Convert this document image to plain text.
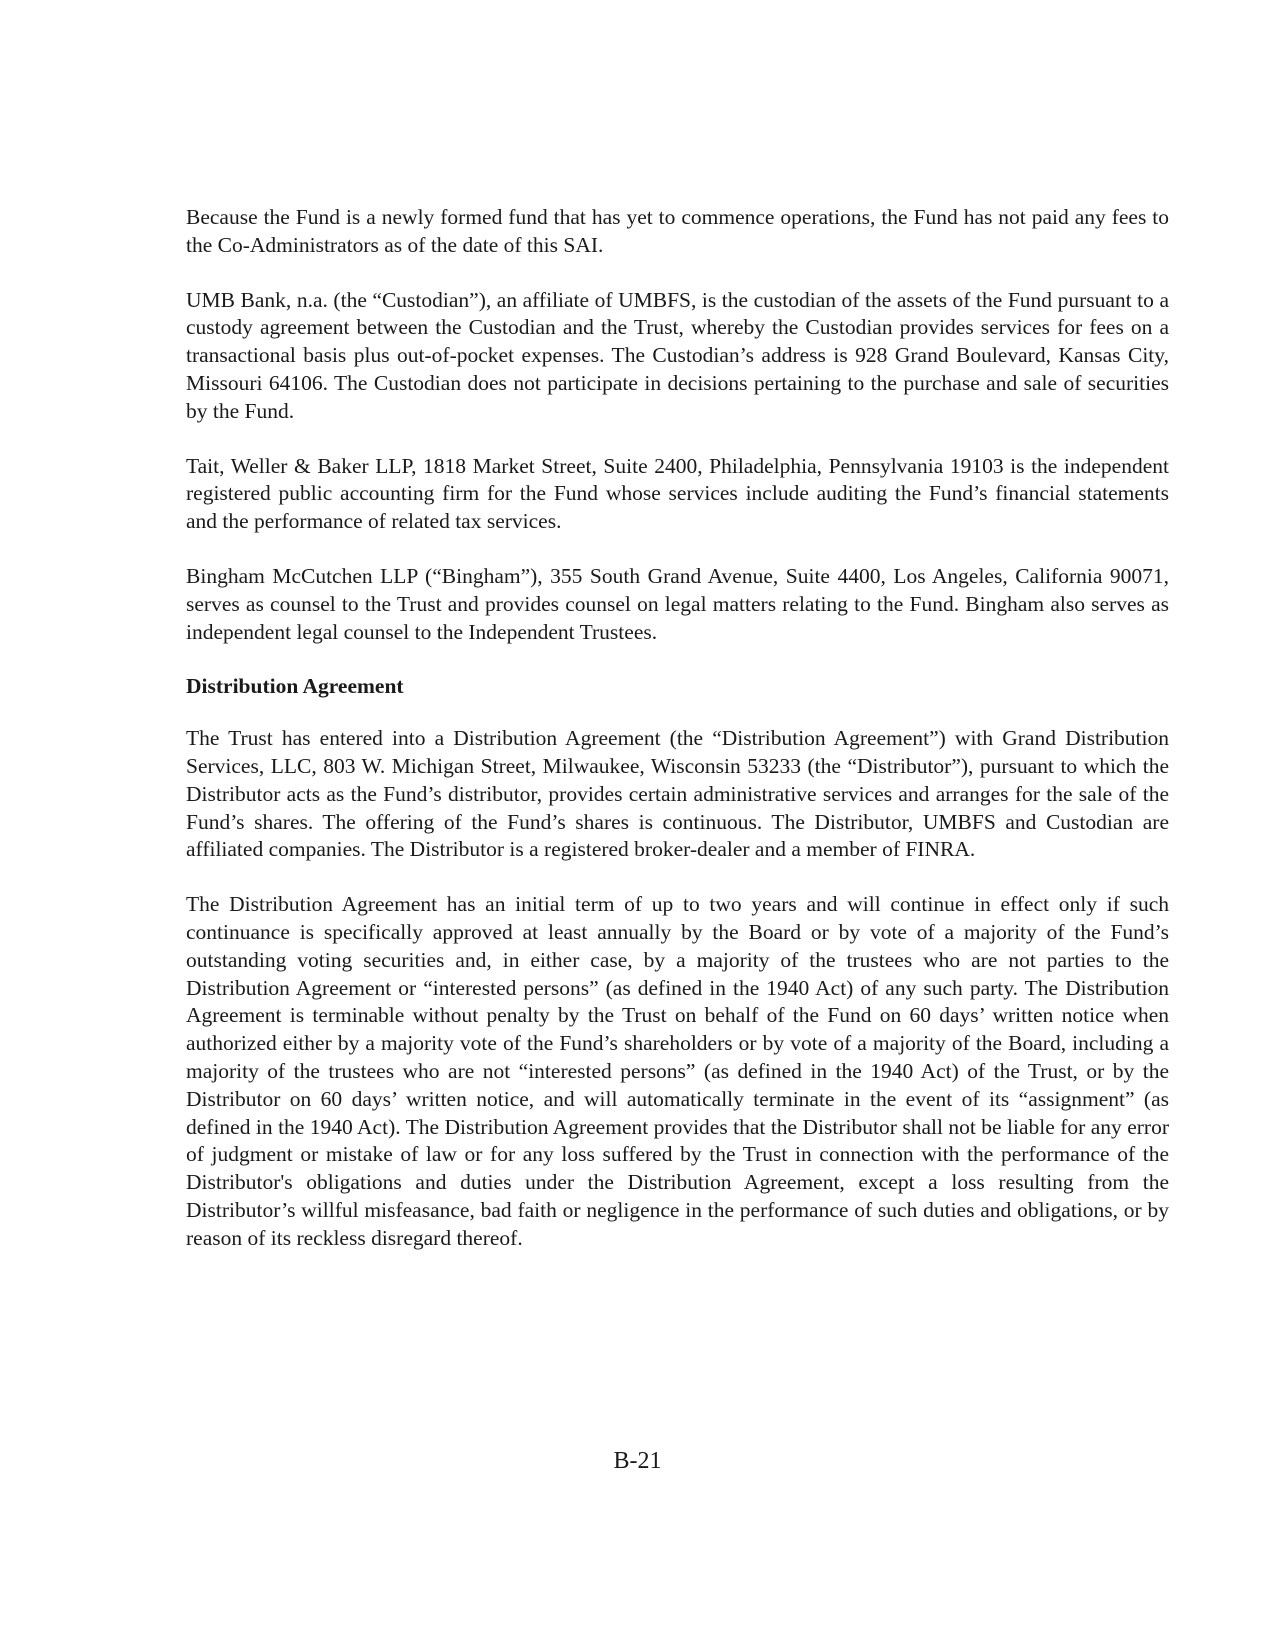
Because the Fund is a newly formed fund that has yet to commence operations, the Fund has not paid any fees to the Co-Administrators as of the date of this SAI.

UMB Bank, n.a. (the “Custodian”), an affiliate of UMBFS, is the custodian of the assets of the Fund pursuant to a custody agreement between the Custodian and the Trust, whereby the Custodian provides services for fees on a transactional basis plus out-of-pocket expenses. The Custodian’s address is 928 Grand Boulevard, Kansas City, Missouri 64106. The Custodian does not participate in decisions pertaining to the purchase and sale of securities by the Fund.

Tait, Weller & Baker LLP, 1818 Market Street, Suite 2400, Philadelphia, Pennsylvania 19103 is the independent registered public accounting firm for the Fund whose services include auditing the Fund’s financial statements and the performance of related tax services.

Bingham McCutchen LLP (“Bingham”), 355 South Grand Avenue, Suite 4400, Los Angeles, California 90071, serves as counsel to the Trust and provides counsel on legal matters relating to the Fund. Bingham also serves as independent legal counsel to the Independent Trustees.

Distribution Agreement

The Trust has entered into a Distribution Agreement (the “Distribution Agreement”) with Grand Distribution Services, LLC, 803 W. Michigan Street, Milwaukee, Wisconsin 53233 (the “Distributor”), pursuant to which the Distributor acts as the Fund’s distributor, provides certain administrative services and arranges for the sale of the Fund’s shares. The offering of the Fund’s shares is continuous. The Distributor, UMBFS and Custodian are affiliated companies. The Distributor is a registered broker-dealer and a member of FINRA.

The Distribution Agreement has an initial term of up to two years and will continue in effect only if such continuance is specifically approved at least annually by the Board or by vote of a majority of the Fund’s outstanding voting securities and, in either case, by a majority of the trustees who are not parties to the Distribution Agreement or “interested persons” (as defined in the 1940 Act) of any such party. The Distribution Agreement is terminable without penalty by the Trust on behalf of the Fund on 60 days’ written notice when authorized either by a majority vote of the Fund’s shareholders or by vote of a majority of the Board, including a majority of the trustees who are not “interested persons” (as defined in the 1940 Act) of the Trust, or by the Distributor on 60 days’ written notice, and will automatically terminate in the event of its “assignment” (as defined in the 1940 Act). The Distribution Agreement provides that the Distributor shall not be liable for any error of judgment or mistake of law or for any loss suffered by the Trust in connection with the performance of the Distributor's obligations and duties under the Distribution Agreement, except a loss resulting from the Distributor’s willful misfeasance, bad faith or negligence in the performance of such duties and obligations, or by reason of its reckless disregard thereof.

B-21
